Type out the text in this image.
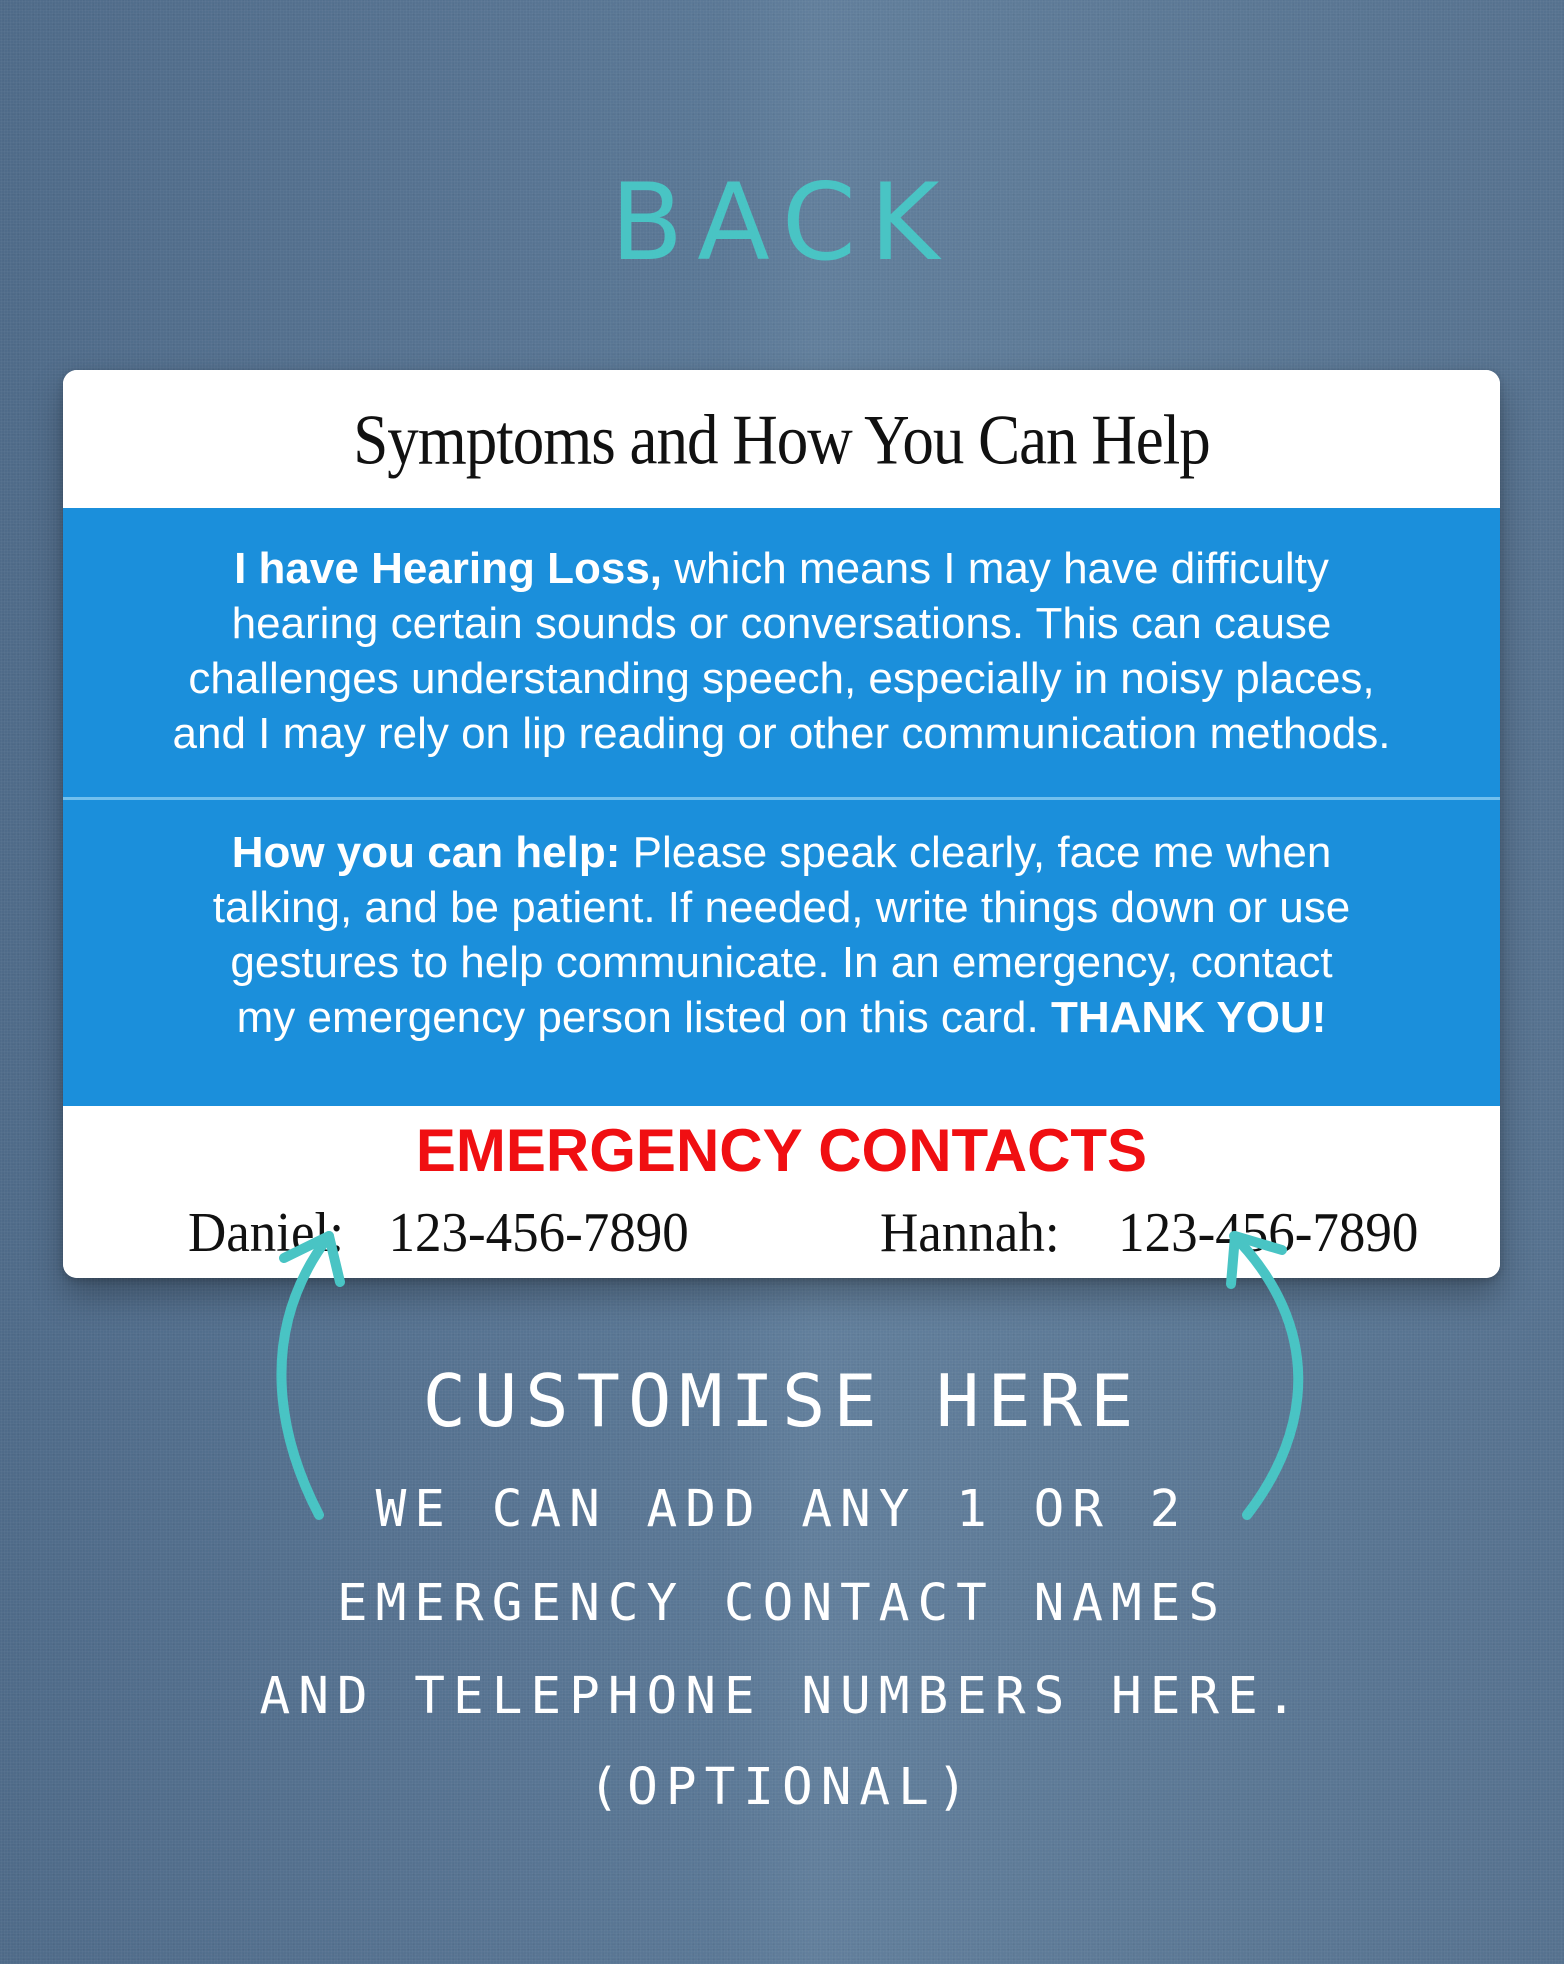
BACK
Symptoms and How You Can Help
I have Hearing Loss, which means I may have difficulty
hearing certain sounds or conversations. This can cause
challenges understanding speech, especially in noisy places,
and I may rely on lip reading or other communication methods.
How you can help: Please speak clearly, face me when
talking, and be patient. If needed, write things down or use
gestures to help communicate. In an emergency, contact
my emergency person listed on this card. THANK YOU!
EMERGENCY CONTACTS
Daniel: 123-456-7890	Hannah: 123-456-7890
CUSTOMISE HERE
WE CAN ADD ANY 1 OR 2
EMERGENCY CONTACT NAMES
AND TELEPHONE NUMBERS HERE.
(OPTIONAL)
